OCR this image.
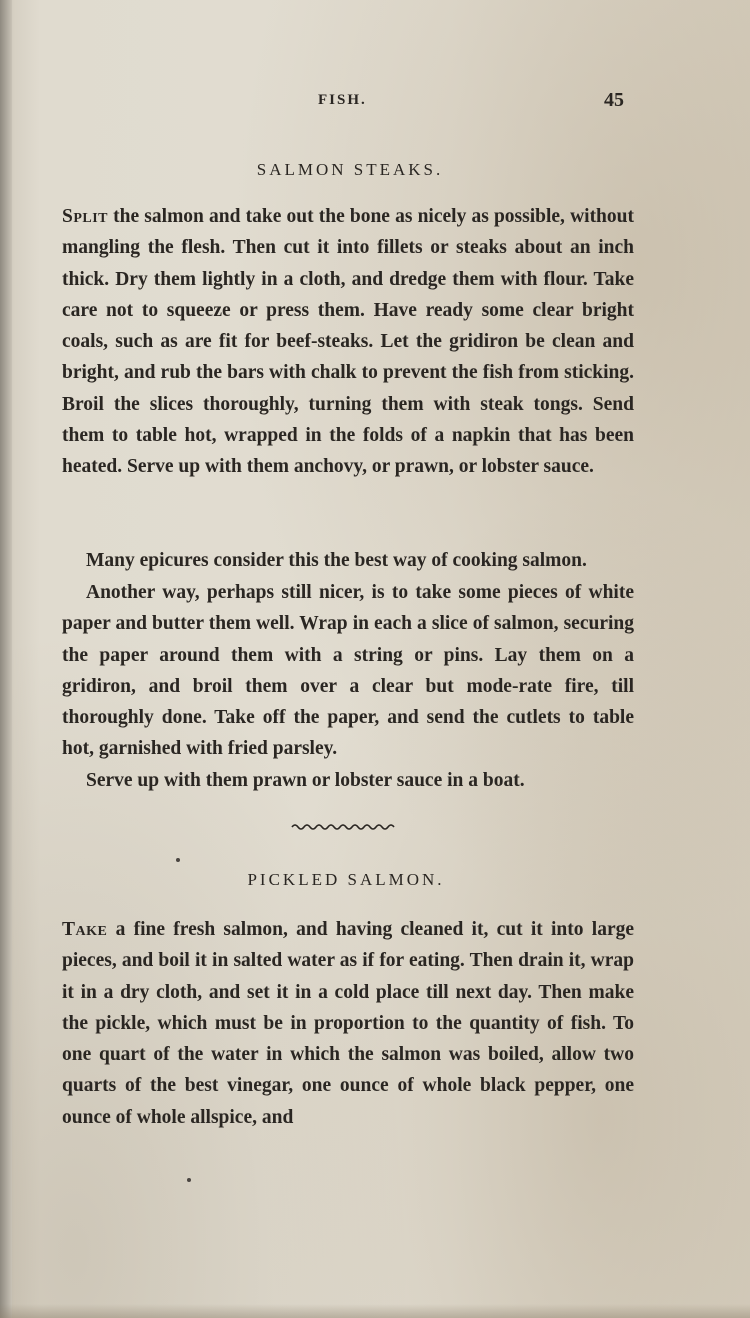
FISH.	45
SALMON STEAKS.

Split the salmon and take out the bone as nicely as possible, without mangling the flesh. Then cut it into fillets or steaks about an inch thick. Dry them lightly in a cloth, and dredge them with flour. Take care not to squeeze or press them. Have ready some clear bright coals, such as are fit for beef-steaks. Let the gridiron be clean and bright, and rub the bars with chalk to prevent the fish from sticking. Broil the slices thoroughly, turning them with steak tongs. Send them to table hot, wrapped in the folds of a napkin that has been heated. Serve up with them anchovy, or prawn, or lobster sauce.

Many epicures consider this the best way of cooking salmon.

Another way, perhaps still nicer, is to take some pieces of white paper and butter them well. Wrap in each a slice of salmon, securing the paper around them with a string or pins. Lay them on a gridiron, and broil them over a clear but mode-rate fire, till thoroughly done. Take off the paper, and send the cutlets to table hot, garnished with fried parsley.

Serve up with them prawn or lobster sauce in a boat.

PICKLED SALMON.

Take a fine fresh salmon, and having cleaned it, cut it into large pieces, and boil it in salted water as if for eating. Then drain it, wrap it in a dry cloth, and set it in a cold place till next day. Then make the pickle, which must be in proportion to the quantity of fish. To one quart of the water in which the salmon was boiled, allow two quarts of the best vinegar, one ounce of whole black pepper, one ounce of whole allspice, and
